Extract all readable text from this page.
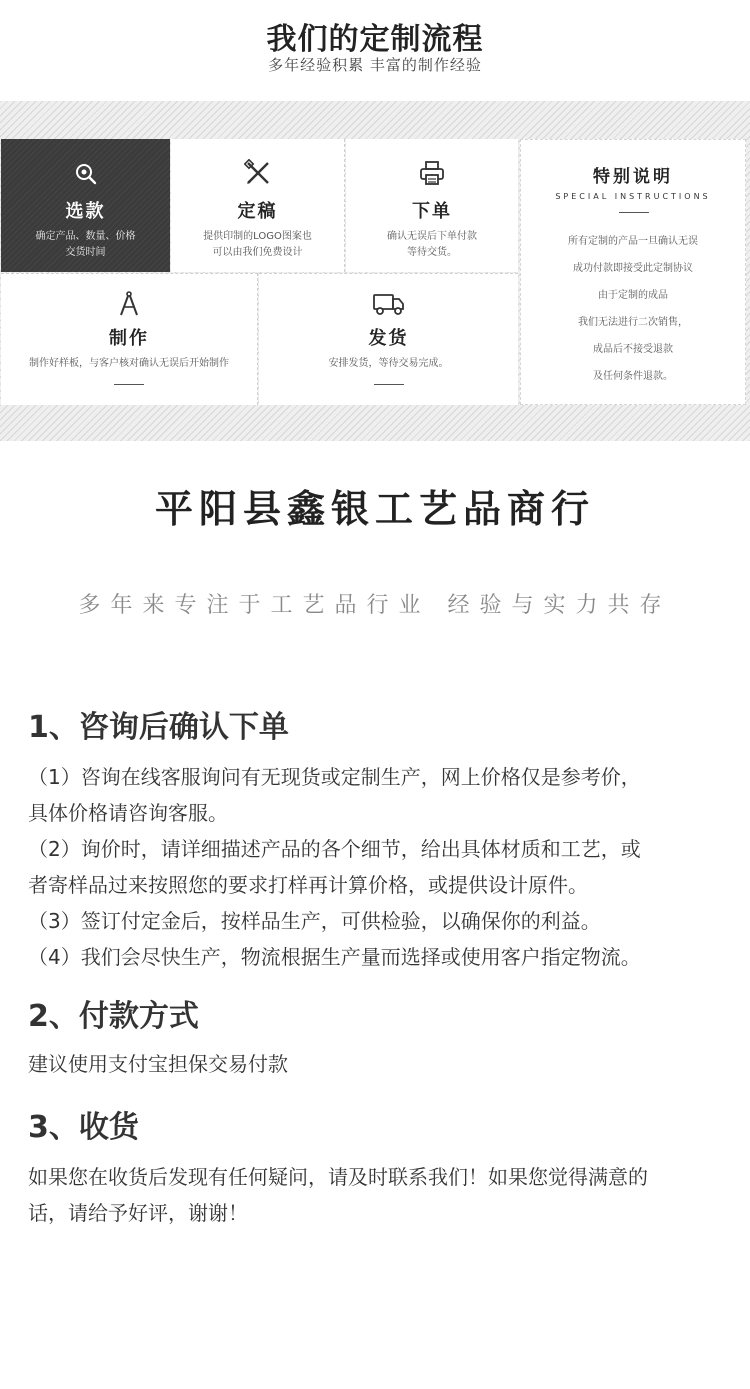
我们的定制流程
多年经验积累 丰富的制作经验
选款
确定产品、数量、价格
交货时间
定稿
提供印制的LOGO图案也
可以由我们免费设计
下单
确认无误后下单付款
等待交货。
制作
制作好样板，与客户核对确认无误后开始制作
发货
安排发货，等待交易完成。
特别说明
SPECIAL INSTRUCTIONS
所有定制的产品一旦确认无误
成功付款即接受此定制协议
由于定制的成品
我们无法进行二次销售，
成品后不接受退款
及任何条件退款。
平阳县鑫银工艺品商行
多年来专注于工艺品行业 经验与实力共存
1、咨询后确认下单
（1）咨询在线客服询问有无现货或定制生产，网上价格仅是参考价，
具体价格请咨询客服。
（2）询价时，请详细描述产品的各个细节，给出具体材质和工艺，或
者寄样品过来按照您的要求打样再计算价格，或提供设计原件。
（3）签订付定金后，按样品生产，可供检验，以确保你的利益。
（4）我们会尽快生产，物流根据生产量而选择或使用客户指定物流。
2、付款方式
建议使用支付宝担保交易付款
3、收货
如果您在收货后发现有任何疑问，请及时联系我们！如果您觉得满意的
话，请给予好评，谢谢！
